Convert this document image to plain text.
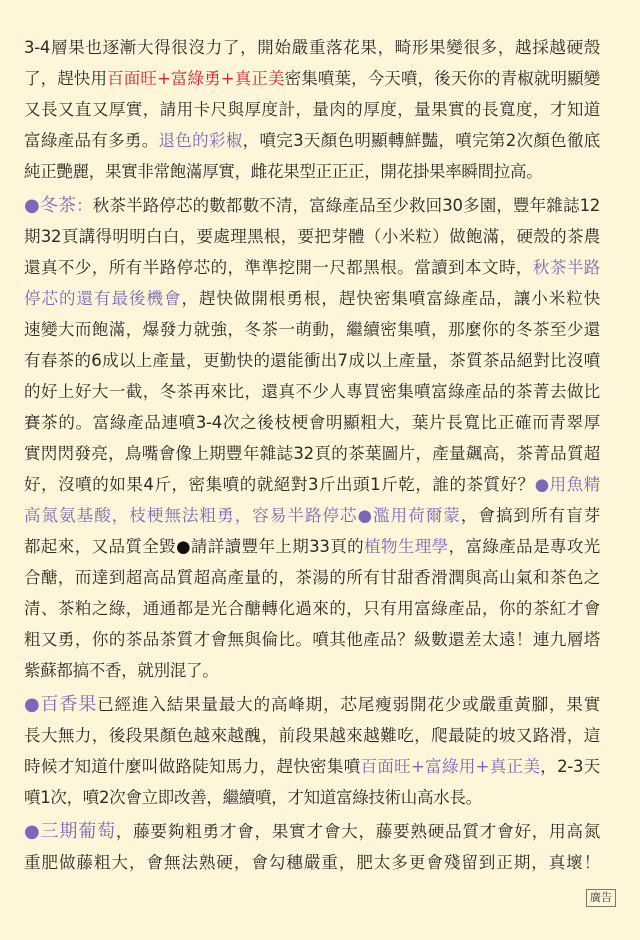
3-4層果也逐漸大得很沒力了，開始嚴重落花果，畸形果變很多，越採越硬殼
了，趕快用百面旺+富綠勇+真正美密集噴葉，今天噴，後天你的青椒就明顯變
又長又直又厚實，請用卡尺與厚度計，量肉的厚度，量果實的長寬度，才知道
富綠產品有多勇。退色的彩椒，噴完3天顏色明顯轉鮮豔，噴完第2次顏色徹底
純正艷麗，果實非常飽滿厚實，雌花果型正正正，開花掛果率瞬間拉高。
●冬茶：秋茶半路停芯的數都數不清，富綠產品至少救回30多園，豐年雜誌12
期32頁講得明明白白，要處理黑根，要把芽體（小米粒）做飽滿，硬殼的茶農
還真不少，所有半路停芯的，準準挖開一尺都黑根。當讀到本文時，秋茶半路
停芯的還有最後機會，趕快做開根勇根，趕快密集噴富綠產品，讓小米粒快
速變大而飽滿，爆發力就強，冬茶一萌動，繼續密集噴，那麼你的冬茶至少還
有春茶的6成以上產量，更勤快的還能衝出7成以上產量，茶質茶品絕對比沒噴
的好上好大一截，冬茶再來比，還真不少人專買密集噴富綠產品的茶菁去做比
賽茶的。富綠產品連噴3-4次之後枝梗會明顯粗大，葉片長寬比正確而青翠厚
實閃閃發亮，鳥嘴會像上期豐年雜誌32頁的茶葉圖片，產量飆高，茶菁品質超
好，沒噴的如果4斤，密集噴的就絕對3斤出頭1斤乾，誰的茶質好？●用魚精
高氮氨基酸，枝梗無法粗勇，容易半路停芯●濫用荷爾蒙，會搞到所有盲芽
都起來，又品質全毀●請詳讀豐年上期33頁的植物生理學，富綠產品是專攻光
合醣，而達到超高品質超高產量的，茶湯的所有甘甜香滑潤與高山氣和茶色之
清、茶粕之綠，通通都是光合醣轉化過來的，只有用富綠產品，你的茶紅才會
粗又勇，你的茶品茶質才會無與倫比。噴其他產品？級數還差太遠！連九層塔
紫蘇都搞不香，就別混了。
●百香果已經進入結果量最大的高峰期，芯尾瘦弱開花少或嚴重黃腳，果實
長大無力，後段果顏色越來越醜，前段果越來越難吃，爬最陡的坡又路滑，這
時候才知道什麼叫做路陡知馬力，趕快密集噴百面旺+富綠用+真正美，2-3天
噴1次，噴2次會立即改善，繼續噴，才知道富綠技術山高水長。
●三期葡萄，藤要夠粗勇才會，果實才會大，藤要熟硬品質才會好，用高氮
重肥做藤粗大，會無法熟硬，會勾穗嚴重，肥太多更會殘留到正期，真壞！
廣告
